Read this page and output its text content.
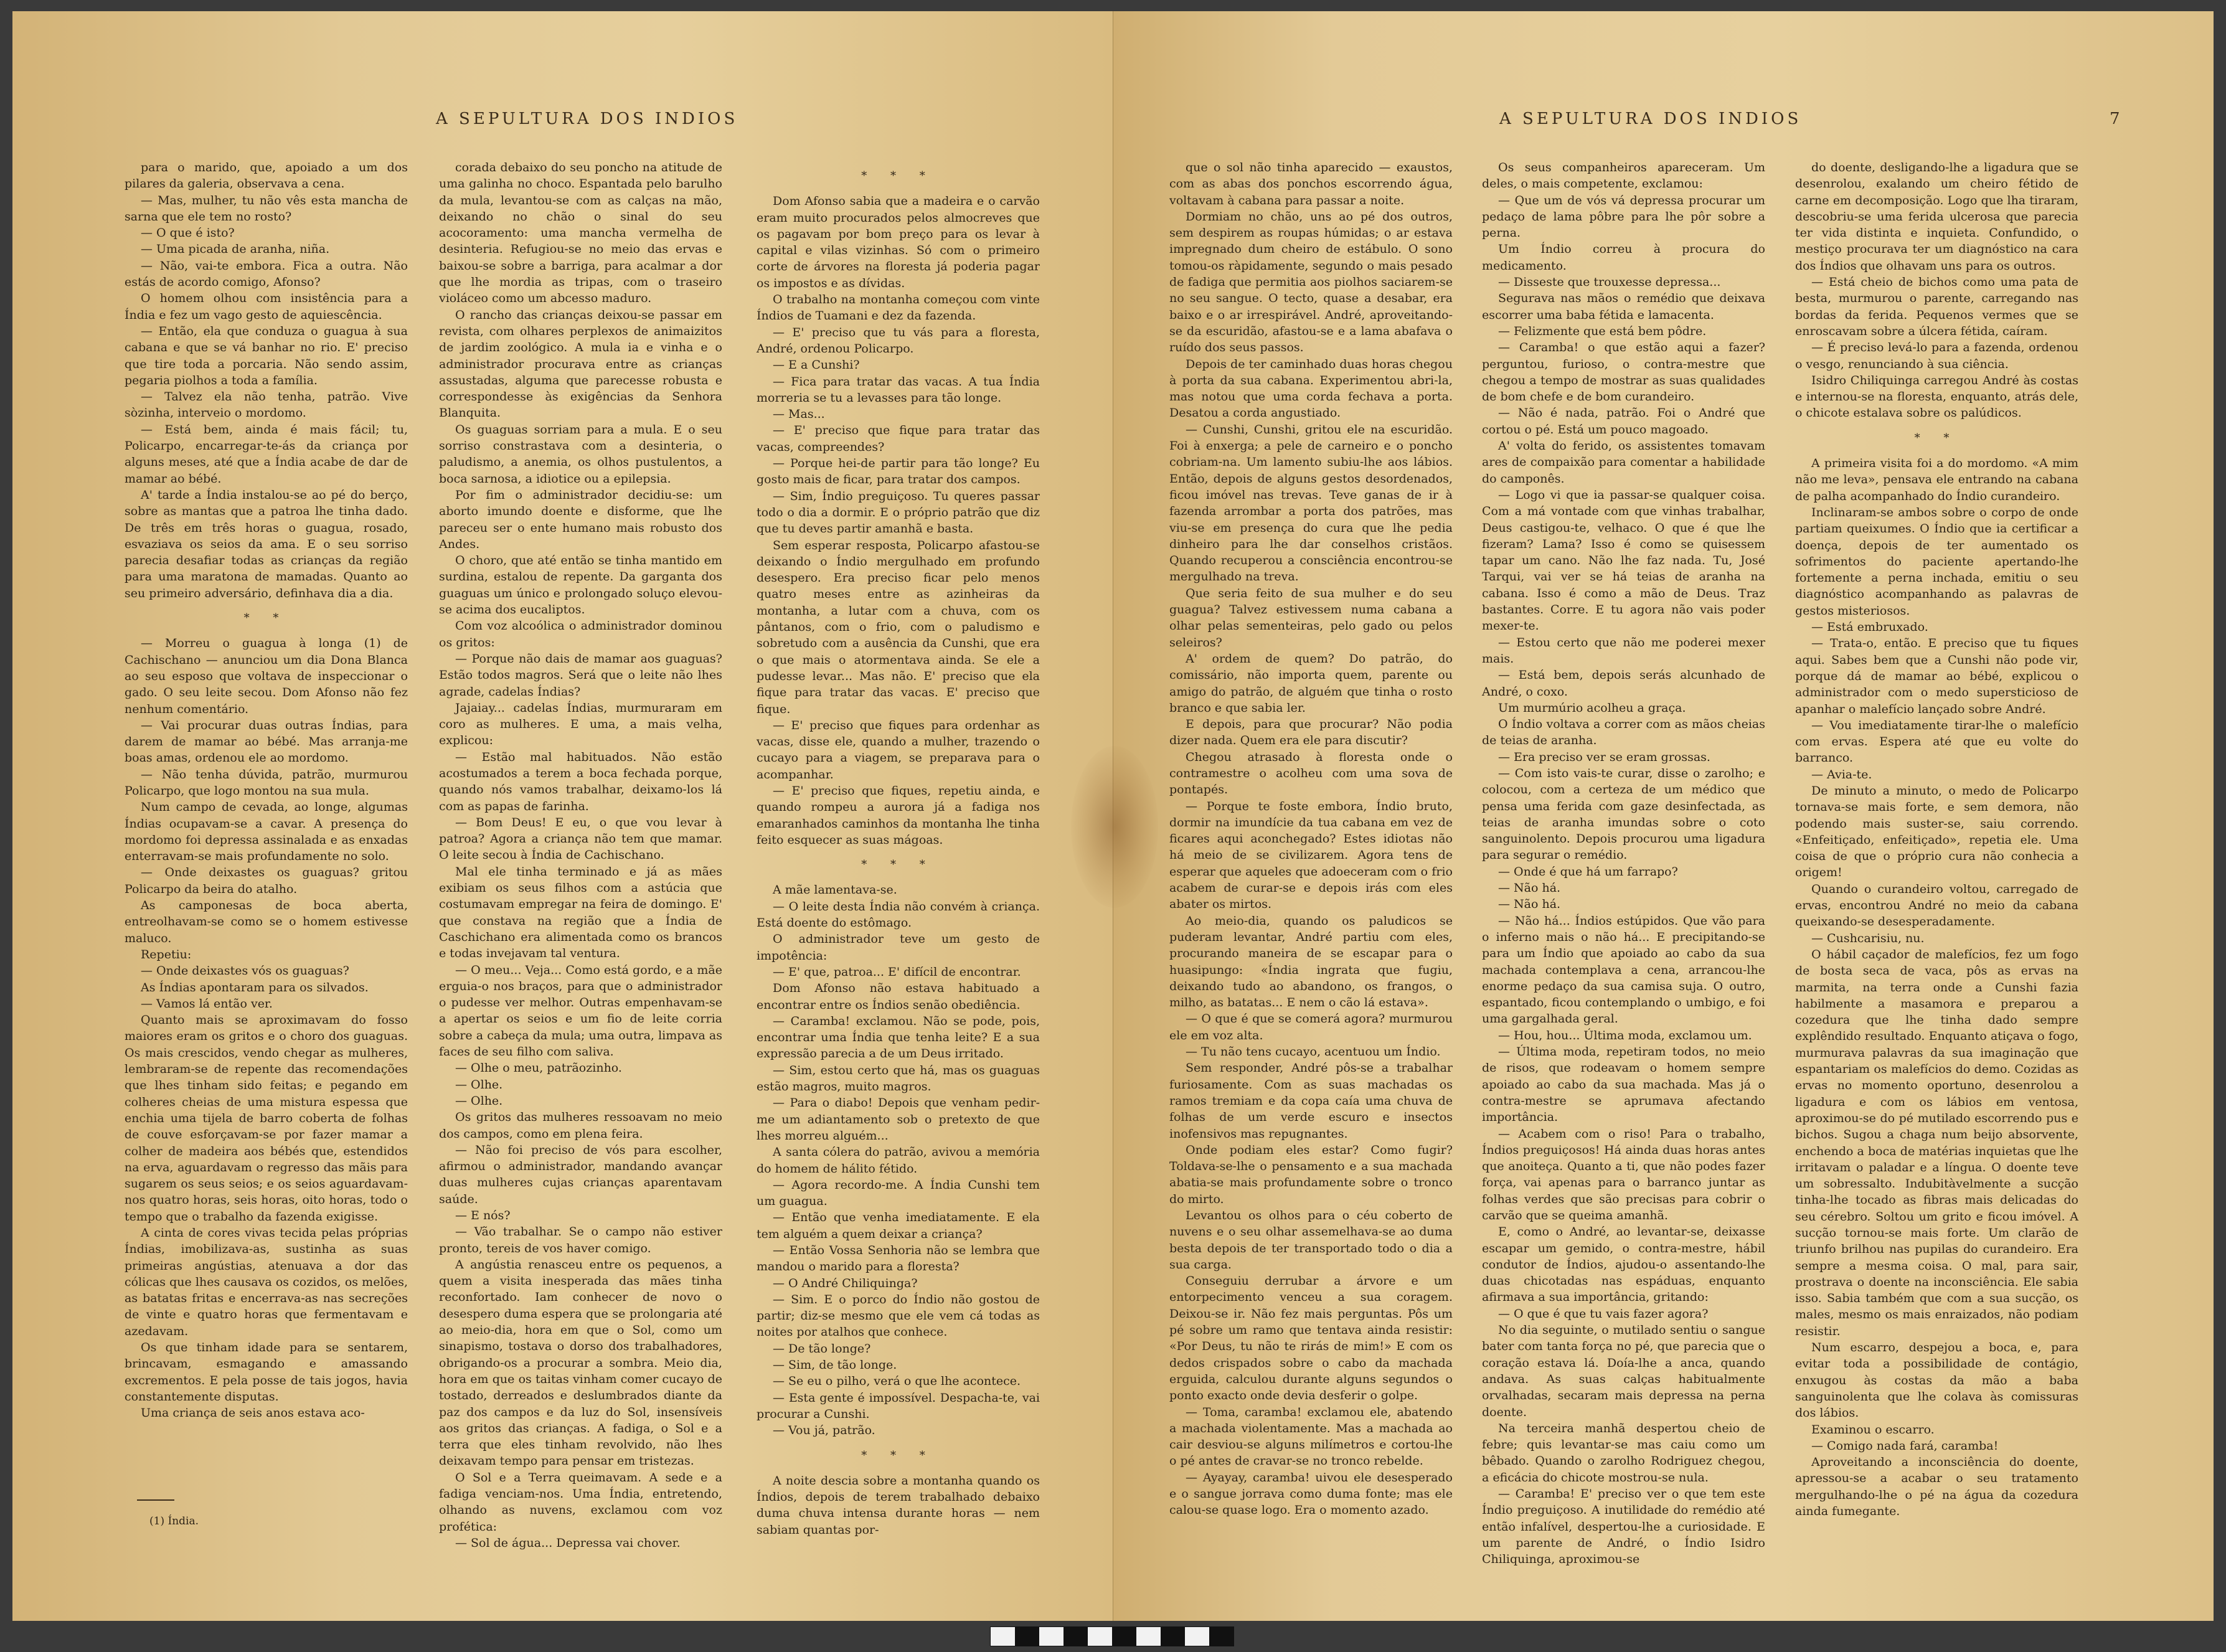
A SEPULTURA DOS INDIOS

para o marido, que, apoiado a um dos pilares da galeria, observava a cena.

— Mas, mulher, tu não vês esta mancha de sarna que ele tem no rosto?

— O que é isto?

— Uma picada de aranha, niña.

— Não, vai-te embora. Fica a outra. Não estás de acordo comigo, Afonso?

O homem olhou com insistência para a Índia e fez um vago gesto de aquiescência.

— Então, ela que conduza o guagua à sua cabana e que se vá banhar no rio. E' preciso que tire toda a porcaria. Não sendo assim, pegaria piolhos a toda a família.

— Talvez ela não tenha, patrão. Vive sòzinha, interveio o mordomo.

— Está bem, ainda é mais fácil; tu, Policarpo, encarregar-te-ás da criança por alguns meses, até que a Índia acabe de dar de mamar ao bébé.

A' tarde a Índia instalou-se ao pé do berço, sobre as mantas que a patroa lhe tinha dado. De três em três horas o guagua, rosado, esvaziava os seios da ama. E o seu sorriso parecia desafiar todas as crianças da região para uma maratona de mamadas. Quanto ao seu primeiro adversário, definhava dia a dia.

* *

— Morreu o guagua à longa (1) de Cachischano — anunciou um dia Dona Blanca ao seu esposo que voltava de inspeccionar o gado. O seu leite secou. Dom Afonso não fez nenhum comentário.

— Vai procurar duas outras Índias, para darem de mamar ao bébé. Mas arranja-me boas amas, ordenou ele ao mordomo.

— Não tenha dúvida, patrão, murmurou Policarpo, que logo montou na sua mula.

Num campo de cevada, ao longe, algumas Índias ocupavam-se a cavar. A presença do mordomo foi depressa assinalada e as enxadas enterravam-se mais profundamente no solo.

— Onde deixastes os guaguas? gritou Policarpo da beira do atalho.

As camponesas de boca aberta, entreolhavam-se como se o homem estivesse maluco.

Repetiu:

— Onde deixastes vós os guaguas?

As Índias apontaram para os silvados.

— Vamos lá então ver.

Quanto mais se aproximavam do fosso maiores eram os gritos e o choro dos guaguas. Os mais crescidos, vendo chegar as mulheres, lembraram-se de repente das recomendações que lhes tinham sido feitas; e pegando em colheres cheias de uma mistura espessa que enchia uma tijela de barro coberta de folhas de couve esforçavam-se por fazer mamar a colher de madeira aos bébés que, estendidos na erva, aguardavam o regresso das mãis para sugarem os seus seios; e os seios aguardavam-nos quatro horas, seis horas, oito horas, todo o tempo que o trabalho da fazenda exigisse.

A cinta de cores vivas tecida pelas próprias Índias, imobilizava-as, sustinha as suas primeiras angústias, atenuava a dor das cólicas que lhes causava os cozidos, os melões, as batatas fritas e encerrava-as nas secreções de vinte e quatro horas que fermentavam e azedavam.

Os que tinham idade para se sentarem, brincavam, esmagando e amassando excrementos. E pela posse de tais jogos, havia constantemente disputas.

Uma criança de seis anos estava aco-

corada debaixo do seu poncho na atitude de uma galinha no choco. Espantada pelo barulho da mula, levantou-se com as calças na mão, deixando no chão o sinal do seu acocoramento: uma mancha vermelha de desinteria. Refugiou-se no meio das ervas e baixou-se sobre a barriga, para acalmar a dor que lhe mordia as tripas, com o traseiro violáceo como um abcesso maduro.

O rancho das crianças deixou-se passar em revista, com olhares perplexos de animaizitos de jardim zoológico. A mula ia e vinha e o administrador procurava entre as crianças assustadas, alguma que parecesse robusta e correspondesse às exigências da Senhora Blanquita.

Os guaguas sorriam para a mula. E o seu sorriso constrastava com a desinteria, o paludismo, a anemia, os olhos pustulentos, a boca sarnosa, a idiotice ou a epilepsia.

Por fim o administrador decidiu-se: um aborto imundo doente e disforme, que lhe pareceu ser o ente humano mais robusto dos Andes.

O choro, que até então se tinha mantido em surdina, estalou de repente. Da garganta dos guaguas um único e prolongado soluço elevou-se acima dos eucaliptos.

Com voz alcoólica o administrador dominou os gritos:

— Porque não dais de mamar aos guaguas? Estão todos magros. Será que o leite não lhes agrade, cadelas Índias?

Jajaiay... cadelas Índias, murmuraram em coro as mulheres. E uma, a mais velha, explicou:

— Estão mal habituados. Não estão acostumados a terem a boca fechada porque, quando nós vamos trabalhar, deixamo-los lá com as papas de farinha.

— Bom Deus! E eu, o que vou levar à patroa? Agora a criança não tem que mamar. O leite secou à Índia de Cachischano.

Mal ele tinha terminado e já as mães exibiam os seus filhos com a astúcia que costumavam empregar na feira de domingo. E' que constava na região que a Índia de Caschichano era alimentada como os brancos e todas invejavam tal ventura.

— O meu... Veja... Como está gordo, e a mãe erguia-o nos braços, para que o administrador o pudesse ver melhor. Outras empenhavam-se a apertar os seios e um fio de leite corria sobre a cabeça da mula; uma outra, limpava as faces de seu filho com saliva.

— Olhe o meu, patrãozinho.

— Olhe.

— Olhe.

Os gritos das mulheres ressoavam no meio dos campos, como em plena feira.

— Não foi preciso de vós para escolher, afirmou o administrador, mandando avançar duas mulheres cujas crianças aparentavam saúde.

— E nós?

— Vão trabalhar. Se o campo não estiver pronto, tereis de vos haver comigo.

A angústia renasceu entre os pequenos, a quem a visita inesperada das mães tinha reconfortado. Iam conhecer de novo o desespero duma espera que se prolongaria até ao meio-dia, hora em que o Sol, como um sinapismo, tostava o dorso dos trabalhadores, obrigando-os a procurar a sombra. Meio dia, hora em que os taitas vinham comer cucayo de tostado, derreados e deslumbrados diante da paz dos campos e da luz do Sol, insensíveis aos gritos das crianças. A fadiga, o Sol e a terra que eles tinham revolvido, não lhes deixavam tempo para pensar em tristezas.

O Sol e a Terra queimavam. A sede e a fadiga venciam-nos. Uma Índia, entretendo, olhando as nuvens, exclamou com voz profética:

— Sol de água... Depressa vai chover.

* * *

Dom Afonso sabia que a madeira e o carvão eram muito procurados pelos almocreves que os pagavam por bom preço para os levar à capital e vilas vizinhas. Só com o primeiro corte de árvores na floresta já poderia pagar os impostos e as dívidas.

O trabalho na montanha começou com vinte Índios de Tuamani e dez da fazenda.

— E' preciso que tu vás para a floresta, André, ordenou Policarpo.

— E a Cunshi?

— Fica para tratar das vacas. A tua Índia morreria se tu a levasses para tão longe.

— Mas...

— E' preciso que fique para tratar das vacas, compreendes?

— Porque hei-de partir para tão longe? Eu gosto mais de ficar, para tratar dos campos.

— Sim, Índio preguiçoso. Tu queres passar todo o dia a dormir. E o próprio patrão que diz que tu deves partir amanhã e basta.

Sem esperar resposta, Policarpo afastou-se deixando o Índio mergulhado em profundo desespero. Era preciso ficar pelo menos quatro meses entre as azinheiras da montanha, a lutar com a chuva, com os pântanos, com o frio, com o paludismo e sobretudo com a ausência da Cunshi, que era o que mais o atormentava ainda. Se ele a pudesse levar... Mas não. E' preciso que ela fique para tratar das vacas. E' preciso que fique.

— E' preciso que fiques para ordenhar as vacas, disse ele, quando a mulher, trazendo o cucayo para a viagem, se preparava para o acompanhar.

— E' preciso que fiques, repetiu ainda, e quando rompeu a aurora já a fadiga nos emaranhados caminhos da montanha lhe tinha feito esquecer as suas mágoas.

* * *

A mãe lamentava-se.

— O leite desta Índia não convém à criança. Está doente do estômago.

O administrador teve um gesto de impotência:

— E' que, patroa... E' difícil de encontrar.

Dom Afonso não estava habituado a encontrar entre os Índios senão obediência.

— Caramba! exclamou. Não se pode, pois, encontrar uma Índia que tenha leite? E a sua expressão parecia a de um Deus irritado.

— Sim, estou certo que há, mas os guaguas estão magros, muito magros.

— Para o diabo! Depois que venham pedir-me um adiantamento sob o pretexto de que lhes morreu alguém...

A santa cólera do patrão, avivou a memória do homem de hálito fétido.

— Agora recordo-me. A Índia Cunshi tem um guagua.

— Então que venha imediatamente. E ela tem alguém a quem deixar a criança?

— Então Vossa Senhoria não se lembra que mandou o marido para a floresta?

— O André Chiliquinga?

— Sim. E o porco do Índio não gostou de partir; diz-se mesmo que ele vem cá todas as noites por atalhos que conhece.

— De tão longe?

— Sim, de tão longe.

— Se eu o pilho, verá o que lhe acontece.

— Esta gente é impossível. Despacha-te, vai procurar a Cunshi.

— Vou já, patrão.

* * *

A noite descia sobre a montanha quando os Índios, depois de terem trabalhado debaixo duma chuva intensa durante horas — nem sabiam quantas por-

(1) Índia.
A SEPULTURA DOS INDIOS	7

que o sol não tinha aparecido — exaustos, com as abas dos ponchos escorrendo água, voltavam à cabana para passar a noite.

Dormiam no chão, uns ao pé dos outros, sem despirem as roupas húmidas; o ar estava impregnado dum cheiro de estábulo. O sono tomou-os ràpidamente, segundo o mais pesado de fadiga que permitia aos piolhos saciarem-se no seu sangue. O tecto, quase a desabar, era baixo e o ar irrespirável. André, aproveitando-se da escuridão, afastou-se e a lama abafava o ruído dos seus passos.

Depois de ter caminhado duas horas chegou à porta da sua cabana. Experimentou abri-la, mas notou que uma corda fechava a porta. Desatou a corda angustiado.

— Cunshi, Cunshi, gritou ele na escuridão. Foi à enxerga; a pele de carneiro e o poncho cobriam-na. Um lamento subiu-lhe aos lábios. Então, depois de alguns gestos desordenados, ficou imóvel nas trevas. Teve ganas de ir à fazenda arrombar a porta dos patrões, mas viu-se em presença do cura que lhe pedia dinheiro para lhe dar conselhos cristãos. Quando recuperou a consciência encontrou-se mergulhado na treva.

Que seria feito de sua mulher e do seu guagua? Talvez estivessem numa cabana a olhar pelas sementeiras, pelo gado ou pelos seleiros?

A' ordem de quem? Do patrão, do comissário, não importa quem, parente ou amigo do patrão, de alguém que tinha o rosto branco e que sabia ler.

E depois, para que procurar? Não podia dizer nada. Quem era ele para discutir?

Chegou atrasado à floresta onde o contramestre o acolheu com uma sova de pontapés.

— Porque te foste embora, Índio bruto, dormir na imundície da tua cabana em vez de ficares aqui aconchegado? Estes idiotas não há meio de se civilizarem. Agora tens de esperar que aqueles que adoeceram com o frio acabem de curar-se e depois irás com eles abater os mirtos.

Ao meio-dia, quando os paludicos se puderam levantar, André partiu com eles, procurando maneira de se escapar para o huasipungo: «Índia ingrata que fugiu, deixando tudo ao abandono, os frangos, o milho, as batatas... E nem o cão lá estava».

— O que é que se comerá agora? murmurou ele em voz alta.

— Tu não tens cucayo, acentuou um Índio.

Sem responder, André pôs-se a trabalhar furiosamente. Com as suas machadas os ramos tremiam e da copa caía uma chuva de folhas de um verde escuro e insectos inofensivos mas repugnantes.

Onde podiam eles estar? Como fugir? Toldava-se-lhe o pensamento e a sua machada abatia-se mais profundamente sobre o tronco do mirto.

Levantou os olhos para o céu coberto de nuvens e o seu olhar assemelhava-se ao duma besta depois de ter transportado todo o dia a sua carga.

Conseguiu derrubar a árvore e um entorpecimento venceu a sua coragem. Deixou-se ir. Não fez mais perguntas. Pôs um pé sobre um ramo que tentava ainda resistir: «Por Deus, tu não te rirás de mim!» E com os dedos crispados sobre o cabo da machada erguida, calculou durante alguns segundos o ponto exacto onde devia desferir o golpe.

— Toma, caramba! exclamou ele, abatendo a machada violentamente. Mas a machada ao cair desviou-se alguns milímetros e cortou-lhe o pé antes de cravar-se no tronco rebelde.

— Ayayay, caramba! uivou ele desesperado e o sangue jorrava como duma fonte; mas ele calou-se quase logo. Era o momento azado.

Os seus companheiros apareceram. Um deles, o mais competente, exclamou:

— Que um de vós vá depressa procurar um pedaço de lama pôbre para lhe pôr sobre a perna.

Um Índio correu à procura do medicamento.

— Disseste que trouxesse depressa...

Segurava nas mãos o remédio que deixava escorrer uma baba fétida e lamacenta.

— Felizmente que está bem pôdre.

— Caramba! o que estão aqui a fazer? perguntou, furioso, o contra-mestre que chegou a tempo de mostrar as suas qualidades de bom chefe e de bom curandeiro.

— Não é nada, patrão. Foi o André que cortou o pé. Está um pouco magoado.

A' volta do ferido, os assistentes tomavam ares de compaixão para comentar a habilidade do camponês.

— Logo vi que ia passar-se qualquer coisa. Com a má vontade com que vinhas trabalhar, Deus castigou-te, velhaco. O que é que lhe fizeram? Lama? Isso é como se quisessem tapar um cano. Não lhe faz nada. Tu, José Tarqui, vai ver se há teias de aranha na cabana. Isso é como a mão de Deus. Traz bastantes. Corre. E tu agora não vais poder mexer-te.

— Estou certo que não me poderei mexer mais.

— Está bem, depois serás alcunhado de André, o coxo.

Um murmúrio acolheu a graça.

O Índio voltava a correr com as mãos cheias de teias de aranha.

— Era preciso ver se eram grossas.

— Com isto vais-te curar, disse o zarolho; e colocou, com a certeza de um médico que pensa uma ferida com gaze desinfectada, as teias de aranha imundas sobre o coto sanguinolento. Depois procurou uma ligadura para segurar o remédio.

— Onde é que há um farrapo?

— Não há.

— Não há.

— Não há... Índios estúpidos. Que vão para o inferno mais o não há... E precipitando-se para um Índio que apoiado ao cabo da sua machada contemplava a cena, arrancou-lhe enorme pedaço da sua camisa suja. O outro, espantado, ficou contemplando o umbigo, e foi uma gargalhada geral.

— Hou, hou... Última moda, exclamou um.

— Última moda, repetiram todos, no meio de risos, que rodeavam o homem sempre apoiado ao cabo da sua machada. Mas já o contra-mestre se aprumava afectando importância.

— Acabem com o riso! Para o trabalho, Índios preguiçosos! Há ainda duas horas antes que anoiteça. Quanto a ti, que não podes fazer força, vai apenas para o barranco juntar as folhas verdes que são precisas para cobrir o carvão que se queima amanhã.

E, como o André, ao levantar-se, deixasse escapar um gemido, o contra-mestre, hábil condutor de Índios, ajudou-o assentando-lhe duas chicotadas nas espáduas, enquanto afirmava a sua importância, gritando:

— O que é que tu vais fazer agora?

No dia seguinte, o mutilado sentiu o sangue bater com tanta força no pé, que parecia que o coração estava lá. Doía-lhe a anca, quando andava. As suas calças habitualmente orvalhadas, secaram mais depressa na perna doente.

Na terceira manhã despertou cheio de febre; quis levantar-se mas caiu como um bêbado. Quando o zarolho Rodriguez chegou, a eficácia do chicote mostrou-se nula.

— Caramba! E' preciso ver o que tem este Índio preguiçoso. A inutilidade do remédio até então infalível, despertou-lhe a curiosidade. E um parente de André, o Índio Isidro Chiliquinga, aproximou-se

do doente, desligando-lhe a ligadura que se desenrolou, exalando um cheiro fétido de carne em decomposição. Logo que lha tiraram, descobriu-se uma ferida ulcerosa que parecia ter vida distinta e inquieta. Confundido, o mestiço procurava ter um diagnóstico na cara dos Índios que olhavam uns para os outros.

— Está cheio de bichos como uma pata de besta, murmurou o parente, carregando nas bordas da ferida. Pequenos vermes que se enroscavam sobre a úlcera fétida, caíram.

— É preciso levá-lo para a fazenda, ordenou o vesgo, renunciando à sua ciência.

Isidro Chiliquinga carregou André às costas e internou-se na floresta, enquanto, atrás dele, o chicote estalava sobre os palúdicos.

* *

A primeira visita foi a do mordomo. «A mim não me leva», pensava ele entrando na cabana de palha acompanhado do Índio curandeiro.

Inclinaram-se ambos sobre o corpo de onde partiam queixumes. O Índio que ia certificar a doença, depois de ter aumentado os sofrimentos do paciente apertando-lhe fortemente a perna inchada, emitiu o seu diagnóstico acompanhando as palavras de gestos misteriosos.

— Está embruxado.

— Trata-o, então. E preciso que tu fiques aqui. Sabes bem que a Cunshi não pode vir, porque dá de mamar ao bébé, explicou o administrador com o medo supersticioso de apanhar o malefício lançado sobre André.

— Vou imediatamente tirar-lhe o malefício com ervas. Espera até que eu volte do barranco.

— Avia-te.

De minuto a minuto, o medo de Policarpo tornava-se mais forte, e sem demora, não podendo mais suster-se, saiu correndo. «Enfeitiçado, enfeitiçado», repetia ele. Uma coisa de que o próprio cura não conhecia a origem!

Quando o curandeiro voltou, carregado de ervas, encontrou André no meio da cabana queixando-se desesperadamente.

— Cushcarisiu, nu.

O hábil caçador de malefícios, fez um fogo de bosta seca de vaca, pôs as ervas na marmita, na terra onde a Cunshi fazia habilmente a masamora e preparou a cozedura que lhe tinha dado sempre explêndido resultado. Enquanto atiçava o fogo, murmurava palavras da sua imaginação que espantariam os malefícios do demo. Cozidas as ervas no momento oportuno, desenrolou a ligadura e com os lábios em ventosa, aproximou-se do pé mutilado escorrendo pus e bichos. Sugou a chaga num beijo absorvente, enchendo a boca de matérias inquietas que lhe irritavam o paladar e a língua. O doente teve um sobressalto. Indubitàvelmente a sucção tinha-lhe tocado as fibras mais delicadas do seu cérebro. Soltou um grito e ficou imóvel. A sucção tornou-se mais forte. Um clarão de triunfo brilhou nas pupilas do curandeiro. Era sempre a mesma coisa. O mal, para sair, prostrava o doente na inconsciência. Ele sabia isso. Sabia também que com a sua sucção, os males, mesmo os mais enraizados, não podiam resistir.

Num escarro, despejou a boca, e, para evitar toda a possibilidade de contágio, enxugou às costas da mão a baba sanguinolenta que lhe colava às comissuras dos lábios.

Examinou o escarro.

— Comigo nada fará, caramba!

Aproveitando a inconsciência do doente, apressou-se a acabar o seu tratamento mergulhando-lhe o pé na água da cozedura ainda fumegante.
